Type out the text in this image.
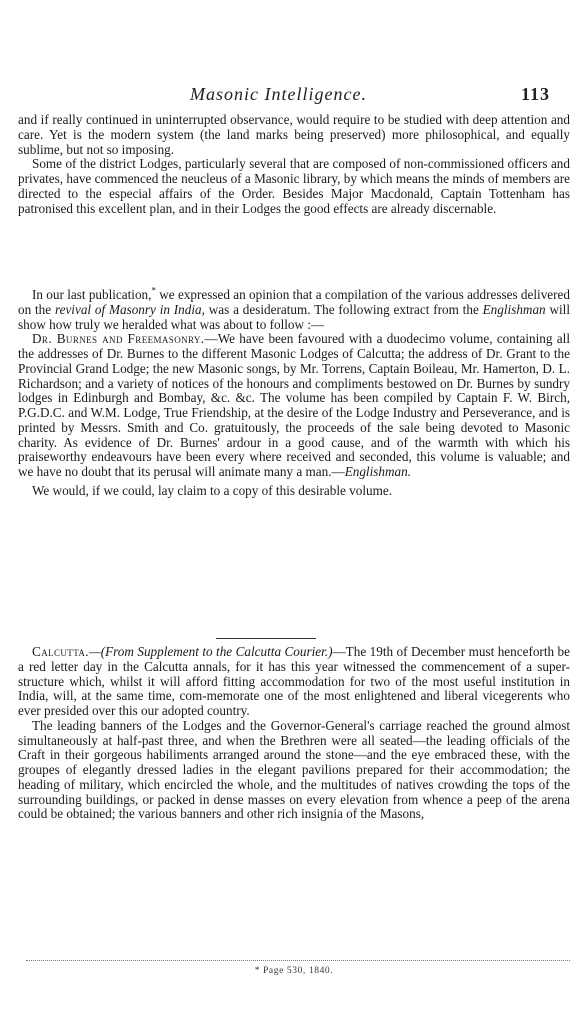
Masonic Intelligence.	113

and if really continued in uninterrupted observance, would require to be studied with deep attention and care. Yet is the modern system (the land marks being preserved) more philosophical, and equally sublime, but not so imposing.

Some of the district Lodges, particularly several that are composed of non-commissioned officers and privates, have commenced the neucleus of a Masonic library, by which means the minds of members are directed to the especial affairs of the Order. Besides Major Macdonald, Captain Tottenham has patronised this excellent plan, and in their Lodges the good effects are already discernable.

In our last publication,* we expressed an opinion that a compilation of the various addresses delivered on the revival of Masonry in India, was a desideratum. The following extract from the Englishman will show how truly we heralded what was about to follow :—

Dr. Burnes and Freemasonry.—We have been favoured with a duodecimo volume, containing all the addresses of Dr. Burnes to the different Masonic Lodges of Calcutta; the address of Dr. Grant to the Provincial Grand Lodge; the new Masonic songs, by Mr. Torrens, Captain Boileau, Mr. Hamerton, D. L. Richardson; and a variety of notices of the honours and compliments bestowed on Dr. Burnes by sundry lodges in Edinburgh and Bombay, &c. &c. The volume has been compiled by Captain F. W. Birch, P.G.D.C. and W.M. Lodge, True Friendship, at the desire of the Lodge Industry and Perseverance, and is printed by Messrs. Smith and Co. gratuitously, the proceeds of the sale being devoted to Masonic charity. As evidence of Dr. Burnes' ardour in a good cause, and of the warmth with which his praiseworthy endeavours have been every where received and seconded, this volume is valuable; and we have no doubt that its perusal will animate many a man.—Englishman.

We would, if we could, lay claim to a copy of this desirable volume.

Calcutta.—(From Supplement to the Calcutta Courier.)—The 19th of December must henceforth be a red letter day in the Calcutta annals, for it has this year witnessed the commencement of a super-structure which, whilst it will afford fitting accommodation for two of the most useful institution in India, will, at the same time, com-memorate one of the most enlightened and liberal vicegerents who ever presided over this our adopted country.

The leading banners of the Lodges and the Governor-General's carriage reached the ground almost simultaneously at half-past three, and when the Brethren were all seated—the leading officials of the Craft in their gorgeous habiliments arranged around the stone—and the eye embraced these, with the groupes of elegantly dressed ladies in the elegant pavilions prepared for their accommodation; the heading of military, which encircled the whole, and the multitudes of natives crowding the tops of the surrounding buildings, or packed in dense masses on every elevation from whence a peep of the arena could be obtained; the various banners and other rich insignia of the Masons,

* Page 530, 1840.
